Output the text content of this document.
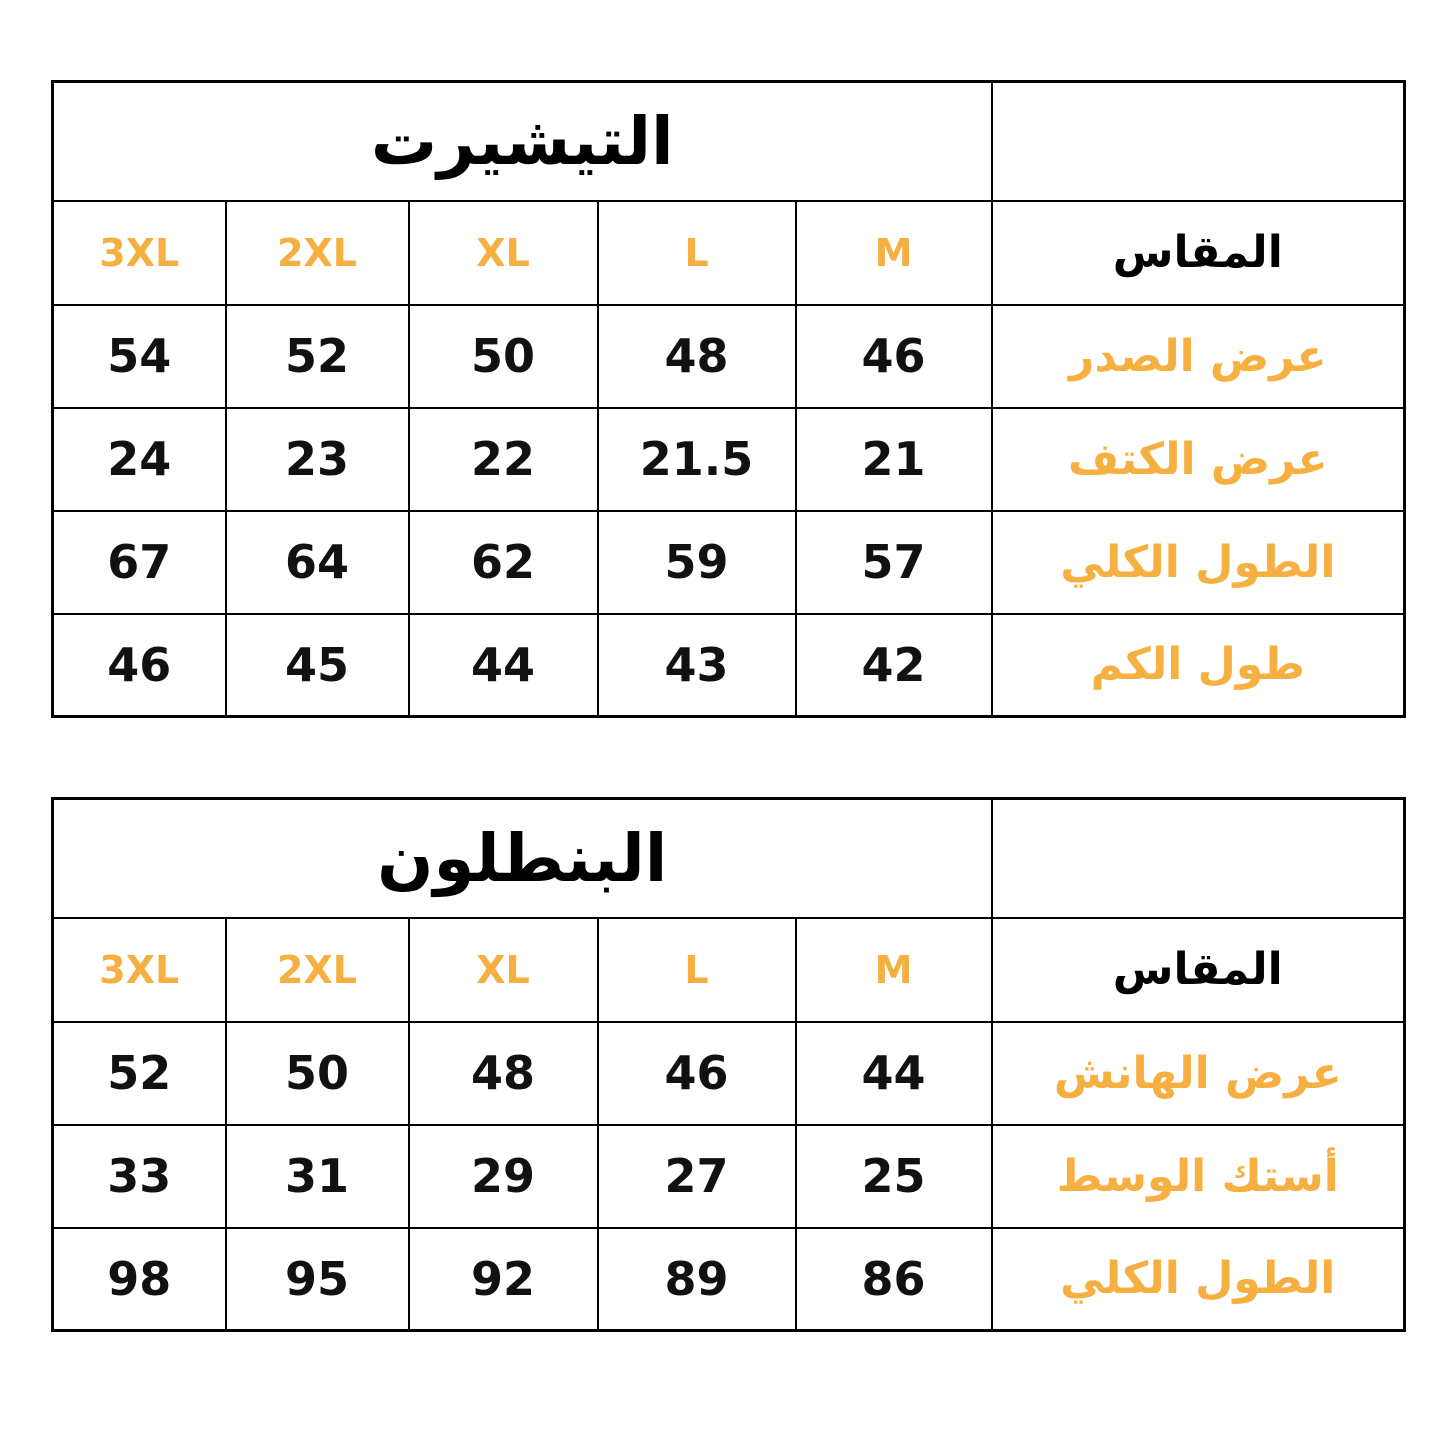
	التيشيرت				
المقاس	M	L	XL	2XL	3XL
عرض الصدر	46	48	50	52	54
عرض الكتف	21	21.5	22	23	24
الطول الكلي	57	59	62	64	67
طول الكم	42	43	44	45	46
	البنطلون				
المقاس	M	L	XL	2XL	3XL
عرض الهانش	44	46	48	50	52
أستك الوسط	25	27	29	31	33
الطول الكلي	86	89	92	95	98
